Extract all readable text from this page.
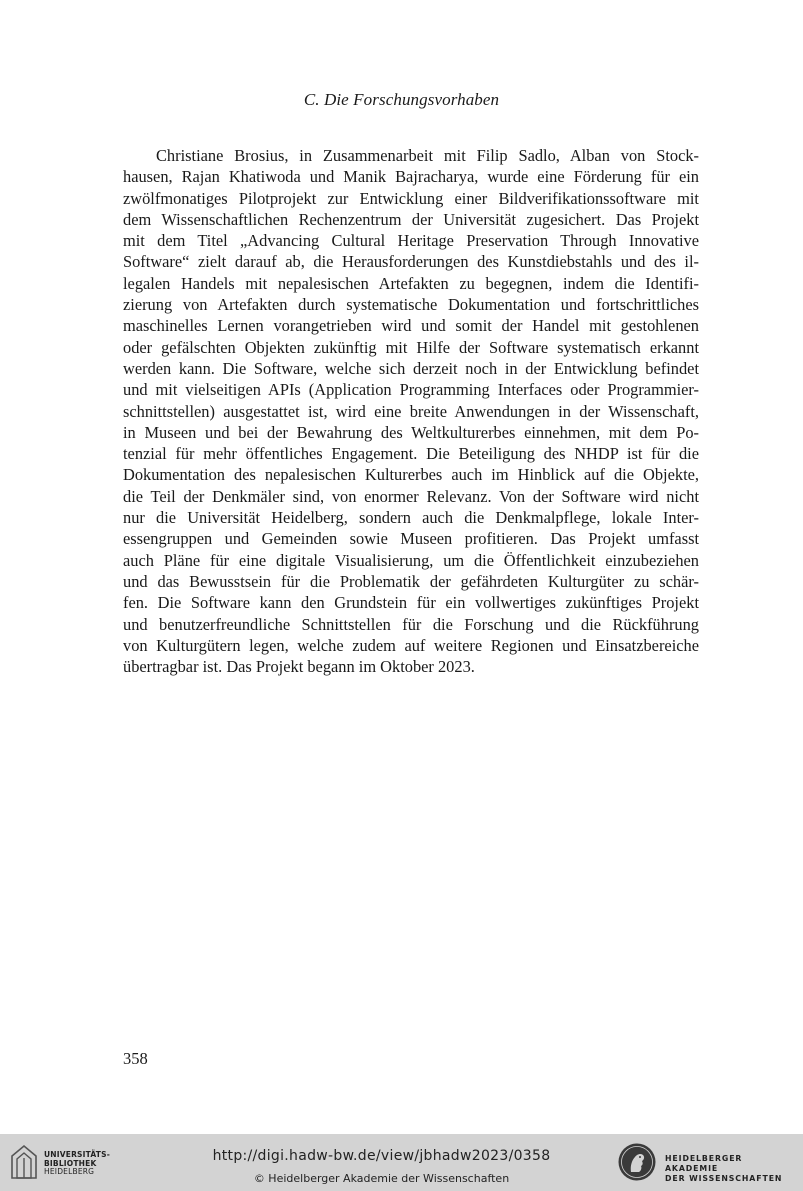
C. Die Forschungsvorhaben
Christiane Brosius, in Zusammenarbeit mit Filip Sadlo, Alban von Stock-
hausen, Rajan Khatiwoda und Manik Bajracharya, wurde eine Förderung für ein
zwölfmonatiges Pilotprojekt zur Entwicklung einer Bildverifikationssoftware mit
dem Wissenschaftlichen Rechenzentrum der Universität zugesichert. Das Projekt
mit dem Titel „Advancing Cultural Heritage Preservation Through Innovative
Software“ zielt darauf ab, die Herausforderungen des Kunstdiebstahls und des il-
legalen Handels mit nepalesischen Artefakten zu begegnen, indem die Identifi-
zierung von Artefakten durch systematische Dokumentation und fortschrittliches
maschinelles Lernen vorangetrieben wird und somit der Handel mit gestohlenen
oder gefälschten Objekten zukünftig mit Hilfe der Software systematisch erkannt
werden kann. Die Software, welche sich derzeit noch in der Entwicklung befindet
und mit vielseitigen APIs (Application Programming Interfaces oder Programmier-
schnittstellen) ausgestattet ist, wird eine breite Anwendungen in der Wissenschaft,
in Museen und bei der Bewahrung des Weltkulturerbes einnehmen, mit dem Po-
tenzial für mehr öffentliches Engagement. Die Beteiligung des NHDP ist für die
Dokumentation des nepalesischen Kulturerbes auch im Hinblick auf die Objekte,
die Teil der Denkmäler sind, von enormer Relevanz. Von der Software wird nicht
nur die Universität Heidelberg, sondern auch die Denkmalpflege, lokale Inter-
essengruppen und Gemeinden sowie Museen profitieren. Das Projekt umfasst
auch Pläne für eine digitale Visualisierung, um die Öffentlichkeit einzubeziehen
und das Bewusstsein für die Problematik der gefährdeten Kulturgüter zu schär-
fen. Die Software kann den Grundstein für ein vollwertiges zukünftiges Projekt
und benutzerfreundliche Schnittstellen für die Forschung und die Rückführung
von Kulturgütern legen, welche zudem auf weitere Regionen und Einsatzbereiche
übertragbar ist. Das Projekt begann im Oktober 2023.
358
UNIVERSITÄTS-
BIBLIOTHEK
HEIDELBERG
http://digi.hadw-bw.de/view/jbhadw2023/0358
© Heidelberger Akademie der Wissenschaften
HEIDELBERGER AKADEMIE
DER WISSENSCHAFTEN
